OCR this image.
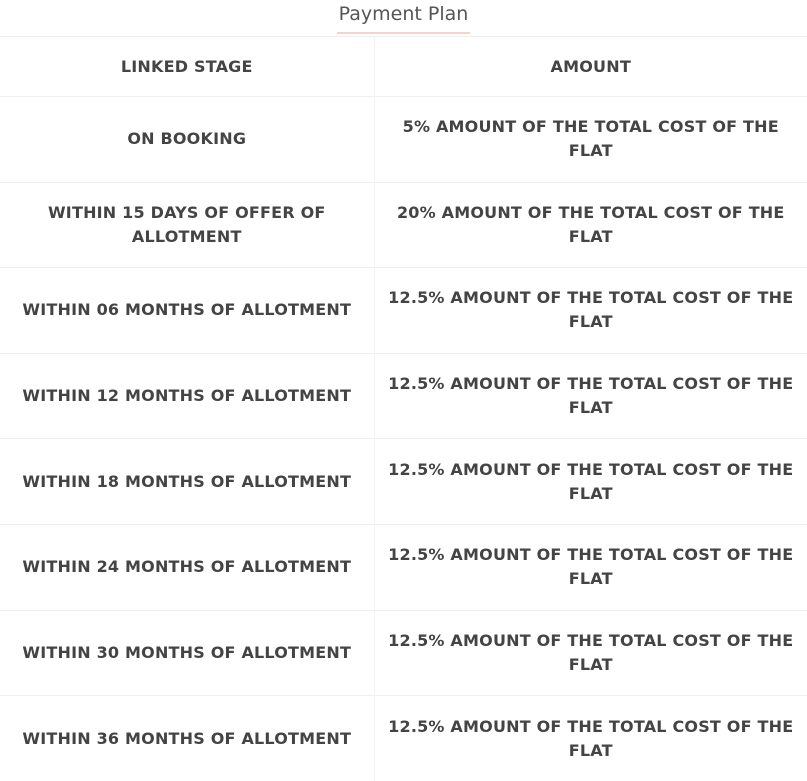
Payment Plan
LINKED STAGE	AMOUNT
ON BOOKING	5% AMOUNT OF THE TOTAL COST OF THE FLAT
WITHIN 15 DAYS OF OFFER OF ALLOTMENT	20% AMOUNT OF THE TOTAL COST OF THE FLAT
WITHIN 06 MONTHS OF ALLOTMENT	12.5% AMOUNT OF THE TOTAL COST OF THE FLAT
WITHIN 12 MONTHS OF ALLOTMENT	12.5% AMOUNT OF THE TOTAL COST OF THE FLAT
WITHIN 18 MONTHS OF ALLOTMENT	12.5% AMOUNT OF THE TOTAL COST OF THE FLAT
WITHIN 24 MONTHS OF ALLOTMENT	12.5% AMOUNT OF THE TOTAL COST OF THE FLAT
WITHIN 30 MONTHS OF ALLOTMENT	12.5% AMOUNT OF THE TOTAL COST OF THE FLAT
WITHIN 36 MONTHS OF ALLOTMENT	12.5% AMOUNT OF THE TOTAL COST OF THE FLAT
